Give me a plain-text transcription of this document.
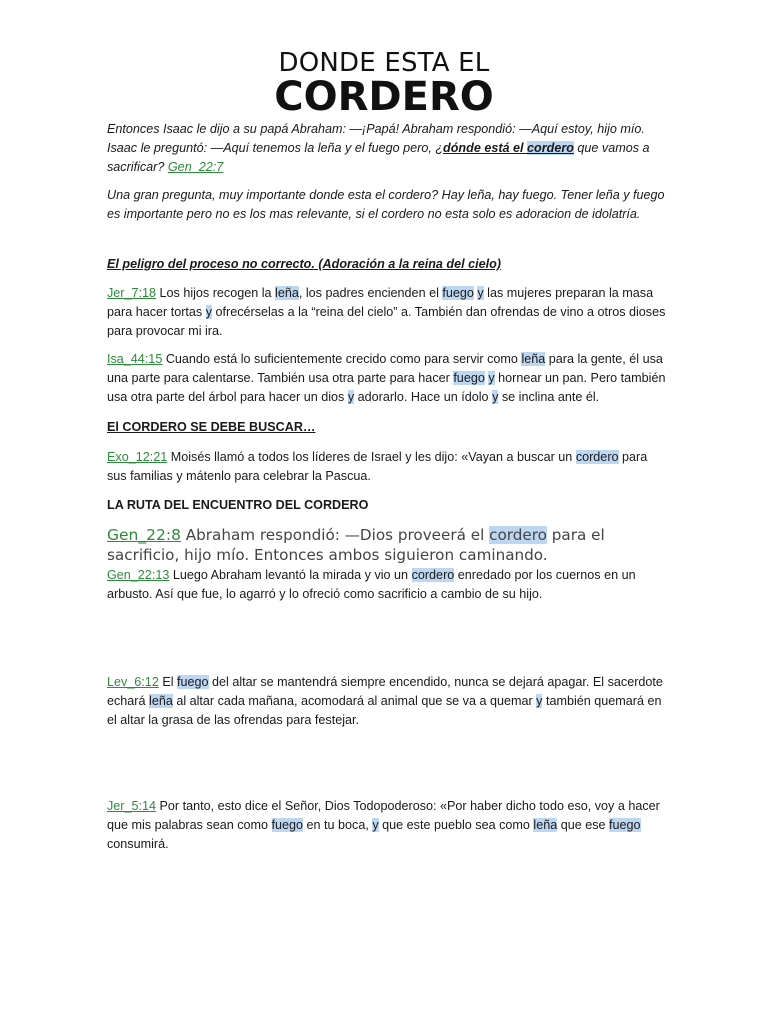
DONDE ESTA EL
CORDERO

Entonces Isaac le dijo a su papá Abraham: —¡Papá! Abraham respondió: —Aquí estoy, hijo mío. Isaac le preguntó: —Aquí tenemos la leña y el fuego pero, ¿dónde está el cordero que vamos a sacrificar? Gen_22:7

Una gran pregunta, muy importante donde esta el cordero? Hay leña, hay fuego. Tener leña y fuego es importante pero no es los mas relevante, si el cordero no esta solo es adoracion de idolatría.

El peligro del proceso no correcto. (Adoración a la reina del cielo)

Jer_7:18 Los hijos recogen la leña, los padres encienden el fuego y las mujeres preparan la masa para hacer tortas y ofrecérselas a la “reina del cielo” a. También dan ofrendas de vino a otros dioses para provocar mi ira.

Isa_44:15 Cuando está lo suficientemente crecido como para servir como leña para la gente, él usa una parte para calentarse. También usa otra parte para hacer fuego y hornear un pan. Pero también usa otra parte del árbol para hacer un dios y adorarlo. Hace un ídolo y se inclina ante él.

El CORDERO SE DEBE BUSCAR…

Exo_12:21 Moisés llamó a todos los líderes de Israel y les dijo: «Vayan a buscar un cordero para sus familias y mátenlo para celebrar la Pascua.

LA RUTA DEL ENCUENTRO DEL CORDERO

Gen_22:8 Abraham respondió: —Dios proveerá el cordero para el sacrificio, hijo mío. Entonces ambos siguieron caminando.

Gen_22:13 Luego Abraham levantó la mirada y vio un cordero enredado por los cuernos en un arbusto. Así que fue, lo agarró y lo ofreció como sacrificio a cambio de su hijo.

Lev_6:12 El fuego del altar se mantendrá siempre encendido, nunca se dejará apagar. El sacerdote echará leña al altar cada mañana, acomodará al animal que se va a quemar y también quemará en el altar la grasa de las ofrendas para festejar.

Jer_5:14 Por tanto, esto dice el Señor, Dios Todopoderoso: «Por haber dicho todo eso, voy a hacer que mis palabras sean como fuego en tu boca, y que este pueblo sea como leña que ese fuego consumirá.
